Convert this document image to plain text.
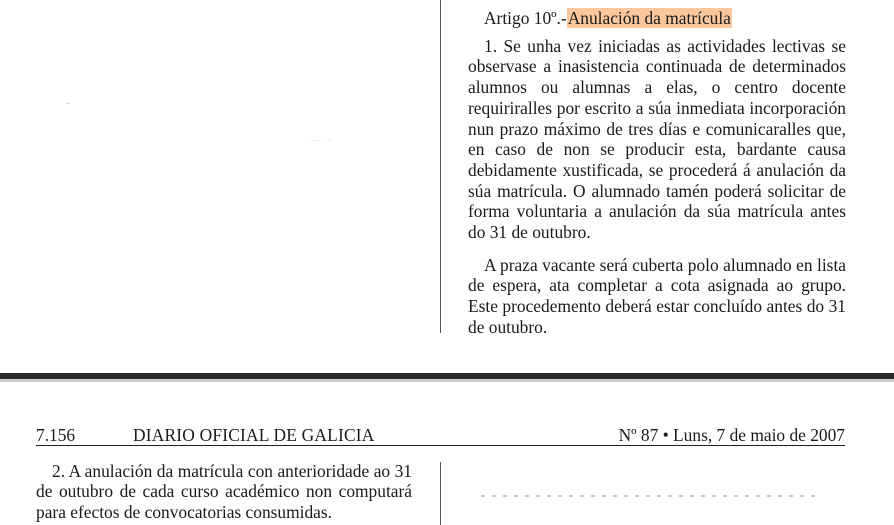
····· ··

Artigo 10º.-Anulación da matrícula

1. Se unha vez iniciadas as actividades lectivas se observase a inasistencia continuada de determinados alumnos ou alumnas a elas, o centro docente requiriralles por escrito a súa inmediata incorporación nun prazo máximo de tres días e comunicaralles que, en caso de non se producir esta, bardante causa debidamente xustificada, se procederá á anulación da súa matrícula. O alumnado tamén poderá solicitar de forma voluntaria a anulación da súa matrícula antes do 31 de outubro.

A praza vacante será cuberta polo alumnado en lista de espera, ata completar a cota asignada ao grupo. Este procedemento deberá estar concluído antes do 31 de outubro.

7.156	DIARIO OFICIAL DE GALICIA	Nº 87 • Luns, 7 de maio de 2007

2. A anulación da matrícula con anterioridade ao 31 de outubro de cada curso académico non computará para efectos de convocatorias consumidas.
